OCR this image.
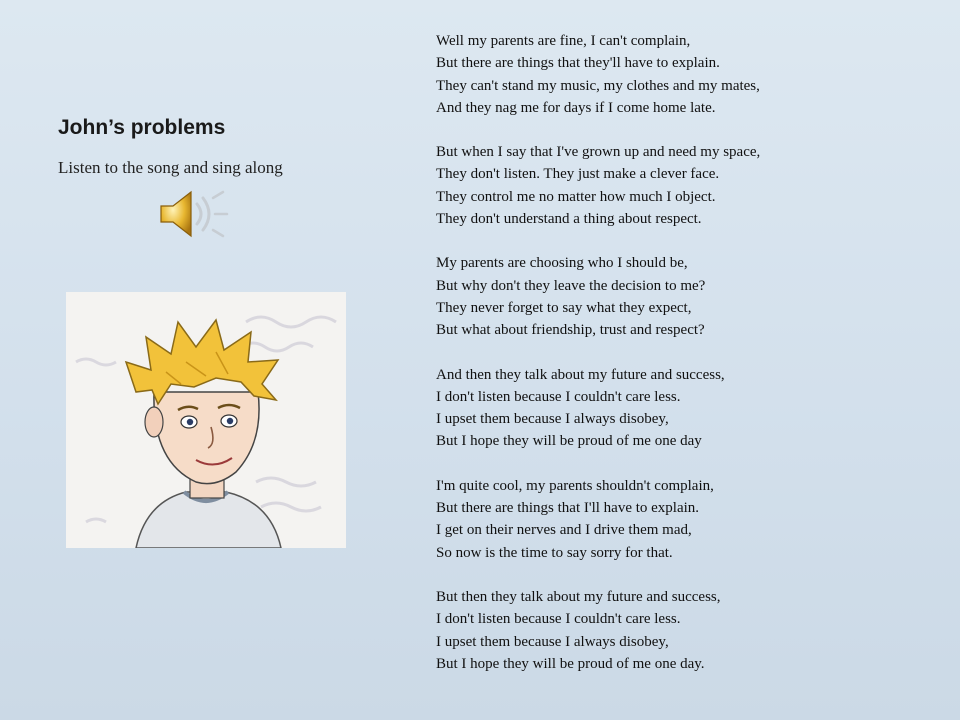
John’s problems

Listen to the song and sing along

Well my parents are fine, I can't complain,
But there are things that they'll have to explain.
They can't stand my music, my clothes and my mates,
And they nag me for days if I come home late.
But when I say that I've grown up and need my space,
They don't listen. They just make a clever face.
They control me no matter how much I object.
They don't understand a thing about respect.
My parents are choosing who I should be,
But why don't they leave the decision to me?
They never forget to say what they expect,
But what about friendship, trust and respect?
And then they talk about my future and success,
I don't listen because I couldn't care less.
I upset them because I always disobey,
But I hope they will be proud of me one day
I'm quite cool, my parents shouldn't complain,
But there are things that I'll have to explain.
I get on their nerves and I drive them mad,
So now is the time to say sorry for that.
But then they talk about my future and success,
I don't listen because I couldn't care less.
I upset them because I always disobey,
But I hope they will be proud of me one day.
